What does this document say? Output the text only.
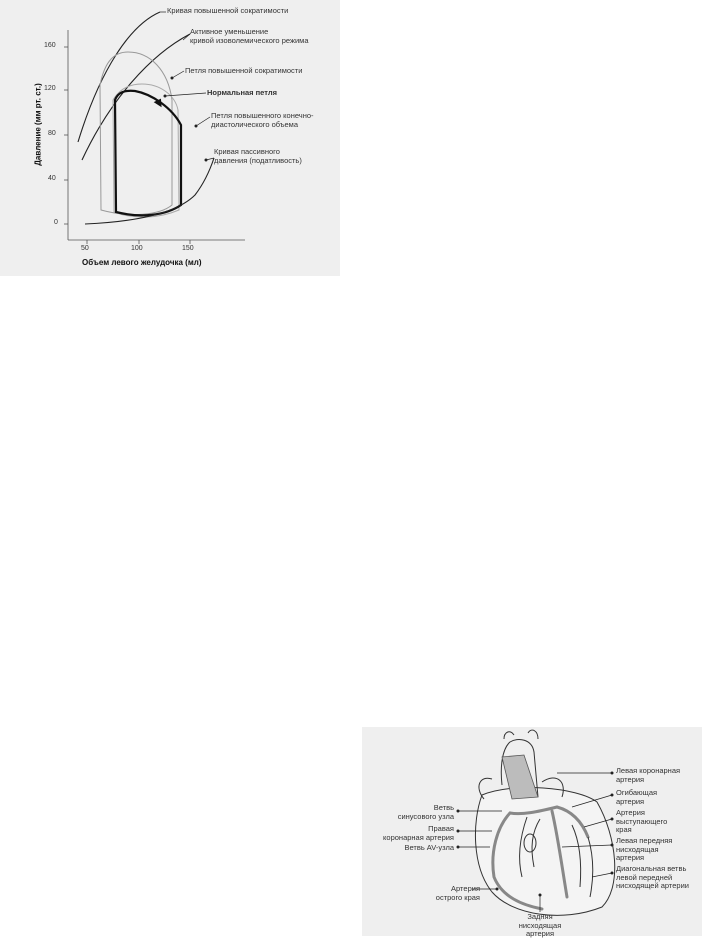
160
120
80
40
0
50	100	150
Давление (мм рт. ст.)
Объем левого желудочка (мл)
Кривая повышенной сократимости
Активное уменьшение
кривой изоволемического режима
Петля повышенной сократимости
Нормальная петля
Петля повышенного конечно-
диастолического объема
Кривая пассивного
давления (податливость)
Левая коронарная
артерия
Огибающая
артерия
Артерия
выступающего
края
Левая передняя
нисходящая
артерия
Диагональная ветвь
левой передней
нисходящей артерии
Ветвь
синусового узла
Правая
коронарная артерия
Ветвь AV-узла
Артерия
острого края
Задняя
нисходящая
артерия
